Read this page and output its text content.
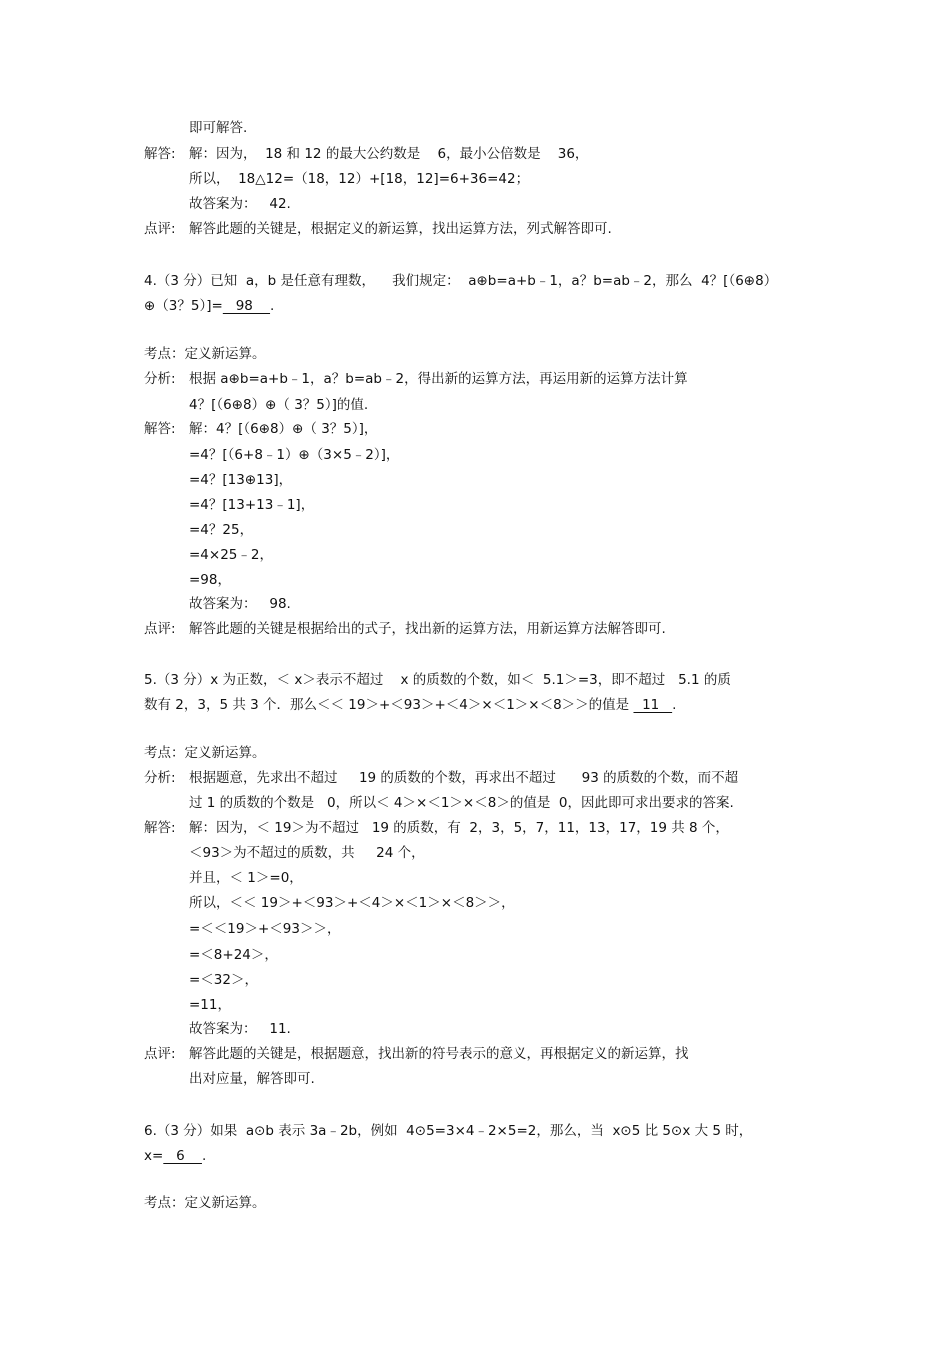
即可解答.
解答: 解：因为，  18 和 12 的最大公约数是    6，最小公倍数是    36，
所以，  18△12=（18，12）+[18，12]=6+36=42；
故答案为：   42.
点评: 解答此题的关键是，根据定义的新运算，找出运算方法，列式解答即可.
4.（3 分）已知  a，b 是任意有理数，    我们规定：  a⊕b=a+b﹣1，a？b=ab﹣2，那么  4？[（6⊕8）
⊕（3？5）]=   98    .
考点：定义新运算。
分析: 根据 a⊕b=a+b﹣1，a？b=ab﹣2，得出新的运算方法，再运用新的运算方法计算
4？[（6⊕8）⊕（ 3？5）]的值.
解答: 解：4？[（6⊕8）⊕（ 3？5）]，
=4？[（6+8﹣1）⊕（3×5﹣2）]，
=4？[13⊕13]，
=4？[13+13﹣1]，
=4？25，
=4×25﹣2，
=98，
故答案为：   98.
点评: 解答此题的关键是根据给出的式子，找出新的运算方法，用新运算方法解答即可.
5.（3 分）x 为正数，＜ x＞表示不超过    x 的质数的个数，如＜  5.1＞=3，即不超过   5.1 的质
数有 2，3，5 共 3 个．那么＜＜ 19＞+＜93＞+＜4＞×＜1＞×＜8＞＞的值是   11   .
考点：定义新运算。
分析: 根据题意，先求出不超过     19 的质数的个数，再求出不超过      93 的质数的个数，而不超
过 1 的质数的个数是   0，所以＜ 4＞×＜1＞×＜8＞的值是  0，因此即可求出要求的答案.
解答: 解：因为，＜ 19＞为不超过   19 的质数，有  2，3，5，7，11，13，17，19 共 8 个，
＜93＞为不超过的质数，共     24 个，
并且，＜ 1＞=0，
所以，＜＜ 19＞+＜93＞+＜4＞×＜1＞×＜8＞＞，
=＜＜19＞+＜93＞＞，
=＜8+24＞，
=＜32＞，
=11，
故答案为：   11.
点评: 解答此题的关键是，根据题意，找出新的符号表示的意义，再根据定义的新运算，找
出对应量，解答即可.
6.（3 分）如果  a⊙b 表示 3a﹣2b，例如  4⊙5=3×4﹣2×5=2，那么，当  x⊙5 比 5⊙x 大 5 时，
x=   6    .
考点：定义新运算。
